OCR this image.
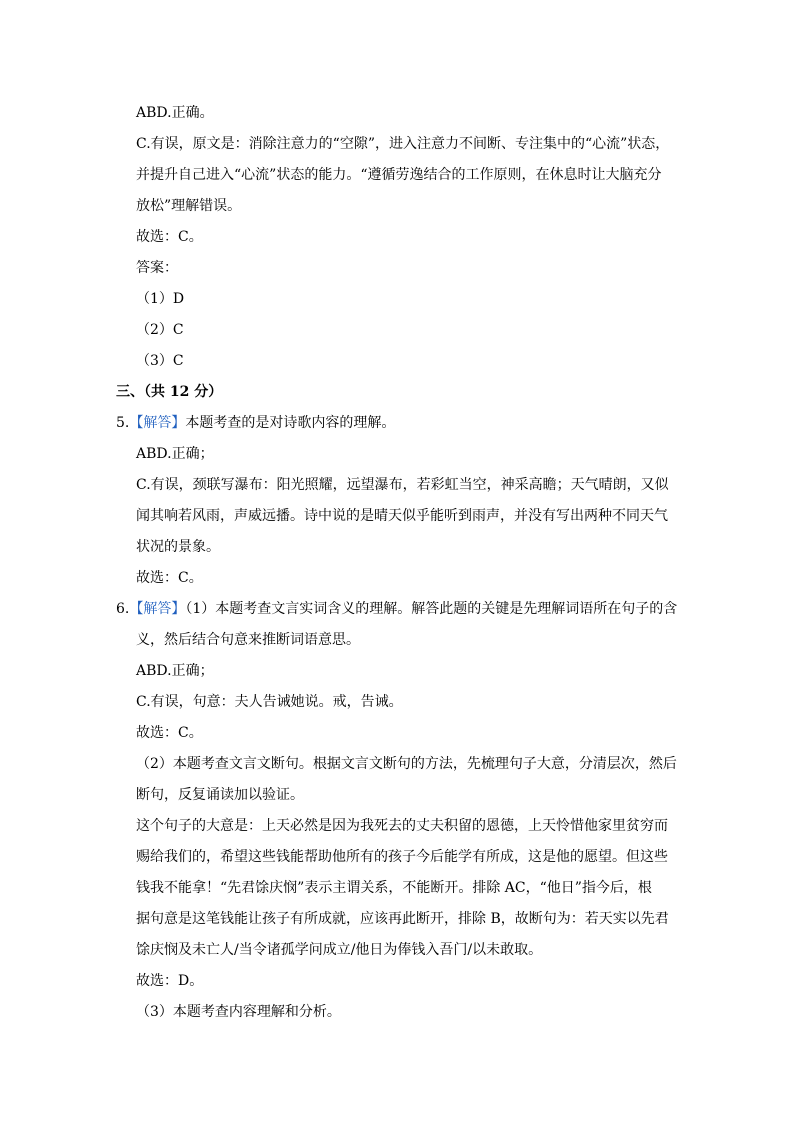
ABD.正确。
C.有误，原文是：消除注意力的“空隙”，进入注意力不间断、专注集中的“心流”状态，
并提升自己进入“心流”状态的能力。“遵循劳逸结合的工作原则，在休息时让大脑充分
放松”理解错误。
故选：C。
答案：
（1）D
（2）C
（3）C
三、（共 12 分）
5.【解答】本题考查的是对诗歌内容的理解。
ABD.正确；
C.有误，颈联写瀑布：阳光照耀，远望瀑布，若彩虹当空，神采高瞻；天气晴朗，又似
闻其响若风雨，声威远播。诗中说的是晴天似乎能听到雨声，并没有写出两种不同天气
状况的景象。
故选：C。
6.【解答】（1）本题考查文言实词含义的理解。解答此题的关键是先理解词语所在句子的含
义，然后结合句意来推断词语意思。
ABD.正确；
C.有误，句意：夫人告诫她说。戒，告诫。
故选：C。
（2）本题考查文言文断句。根据文言文断句的方法，先梳理句子大意，分清层次，然后
断句，反复诵读加以验证。
这个句子的大意是：上天必然是因为我死去的丈夫积留的恩德，上天怜惜他家里贫穷而
赐给我们的，希望这些钱能帮助他所有的孩子今后能学有所成，这是他的愿望。但这些
钱我不能拿！“先君馀庆悯”表示主谓关系，不能断开。排除 AC，“他日”指今后，根
据句意是这笔钱能让孩子有所成就，应该再此断开，排除 B，故断句为：若天实以先君
馀庆悯及未亡人/当令诸孤学问成立/他日为俸钱入吾门/以未敢取。
故选：D。
（3）本题考查内容理解和分析。
